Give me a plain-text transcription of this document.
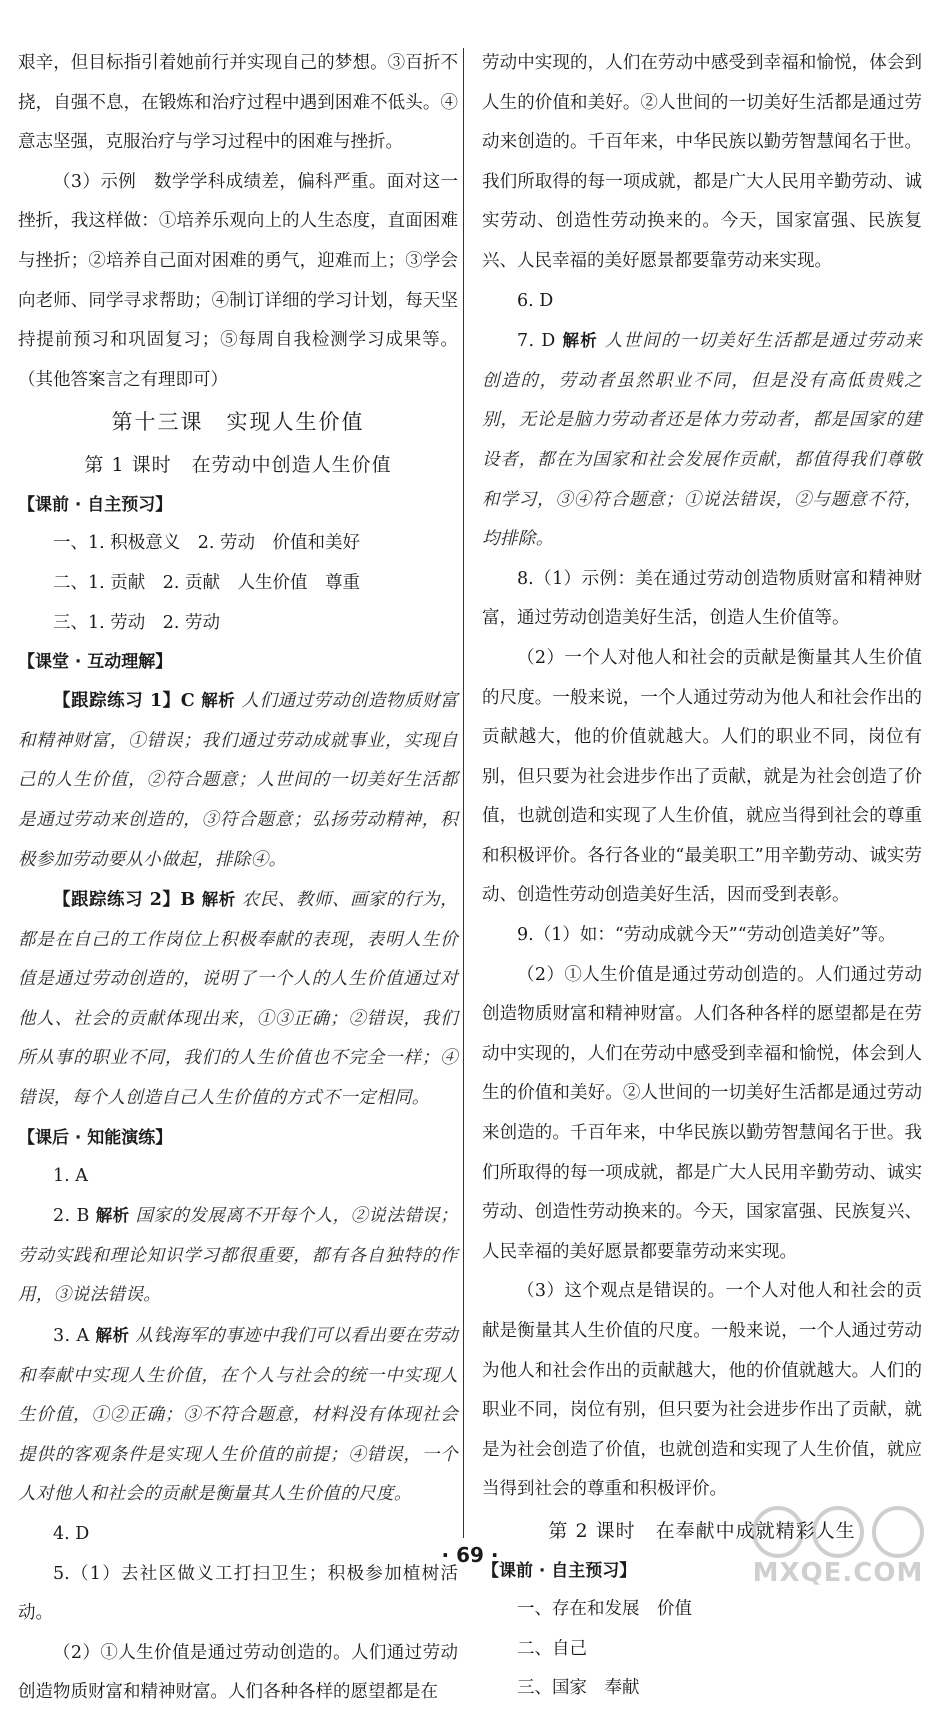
艰辛，但目标指引着她前行并实现自己的梦想。③百折不挠，自强不息，在锻炼和治疗过程中遇到困难不低头。④意志坚强，克服治疗与学习过程中的困难与挫折。

（3）示例　数学学科成绩差，偏科严重。面对这一挫折，我这样做：①培养乐观向上的人生态度，直面困难与挫折；②培养自己面对困难的勇气，迎难而上；③学会向老师、同学寻求帮助；④制订详细的学习计划，每天坚持提前预习和巩固复习；⑤每周自我检测学习成果等。（其他答案言之有理即可）

第十三课　实现人生价值

第 1 课时　在劳动中创造人生价值

【课前 · 自主预习】

一、1. 积极意义　2. 劳动　价值和美好

二、1. 贡献　2. 贡献　人生价值　尊重

三、1. 劳动　2. 劳动

【课堂 · 互动理解】

【跟踪练习 1】C 解析 人们通过劳动创造物质财富和精神财富，①错误；我们通过劳动成就事业，实现自己的人生价值，②符合题意；人世间的一切美好生活都是通过劳动来创造的，③符合题意；弘扬劳动精神，积极参加劳动要从小做起，排除④。

【跟踪练习 2】B 解析 农民、教师、画家的行为，都是在自己的工作岗位上积极奉献的表现，表明人生价值是通过劳动创造的，说明了一个人的人生价值通过对他人、社会的贡献体现出来，①③正确；②错误，我们所从事的职业不同，我们的人生价值也不完全一样；④错误，每个人创造自己人生价值的方式不一定相同。

【课后 · 知能演练】

1. A

2. B 解析 国家的发展离不开每个人，②说法错误；劳动实践和理论知识学习都很重要，都有各自独特的作用，③说法错误。

3. A 解析 从钱海军的事迹中我们可以看出要在劳动和奉献中实现人生价值，在个人与社会的统一中实现人生价值，①②正确；③不符合题意，材料没有体现社会提供的客观条件是实现人生价值的前提；④错误，一个人对他人和社会的贡献是衡量其人生价值的尺度。

4. D

5.（1）去社区做义工打扫卫生；积极参加植树活动。

（2）①人生价值是通过劳动创造的。人们通过劳动创造物质财富和精神财富。人们各种各样的愿望都是在

劳动中实现的，人们在劳动中感受到幸福和愉悦，体会到人生的价值和美好。②人世间的一切美好生活都是通过劳动来创造的。千百年来，中华民族以勤劳智慧闻名于世。我们所取得的每一项成就，都是广大人民用辛勤劳动、诚实劳动、创造性劳动换来的。今天，国家富强、民族复兴、人民幸福的美好愿景都要靠劳动来实现。

6. D

7. D 解析 人世间的一切美好生活都是通过劳动来创造的，劳动者虽然职业不同，但是没有高低贵贱之别，无论是脑力劳动者还是体力劳动者，都是国家的建设者，都在为国家和社会发展作贡献，都值得我们尊敬和学习，③④符合题意；①说法错误，②与题意不符，均排除。

8.（1）示例：美在通过劳动创造物质财富和精神财富，通过劳动创造美好生活，创造人生价值等。

（2）一个人对他人和社会的贡献是衡量其人生价值的尺度。一般来说，一个人通过劳动为他人和社会作出的贡献越大，他的价值就越大。人们的职业不同，岗位有别，但只要为社会进步作出了贡献，就是为社会创造了价值，也就创造和实现了人生价值，就应当得到社会的尊重和积极评价。各行各业的“最美职工”用辛勤劳动、诚实劳动、创造性劳动创造美好生活，因而受到表彰。

9.（1）如：“劳动成就今天”“劳动创造美好”等。

（2）①人生价值是通过劳动创造的。人们通过劳动创造物质财富和精神财富。人们各种各样的愿望都是在劳动中实现的，人们在劳动中感受到幸福和愉悦，体会到人生的价值和美好。②人世间的一切美好生活都是通过劳动来创造的。千百年来，中华民族以勤劳智慧闻名于世。我们所取得的每一项成就，都是广大人民用辛勤劳动、诚实劳动、创造性劳动换来的。今天，国家富强、民族复兴、人民幸福的美好愿景都要靠劳动来实现。

（3）这个观点是错误的。一个人对他人和社会的贡献是衡量其人生价值的尺度。一般来说，一个人通过劳动为他人和社会作出的贡献越大，他的价值就越大。人们的职业不同，岗位有别，但只要为社会进步作出了贡献，就是为社会创造了价值，也就创造和实现了人生价值，就应当得到社会的尊重和积极评价。

第 2 课时　在奉献中成就精彩人生

【课前 · 自主预习】

一、存在和发展　价值

二、自己

三、国家　奉献

· 69 ·
MXQE.COM
